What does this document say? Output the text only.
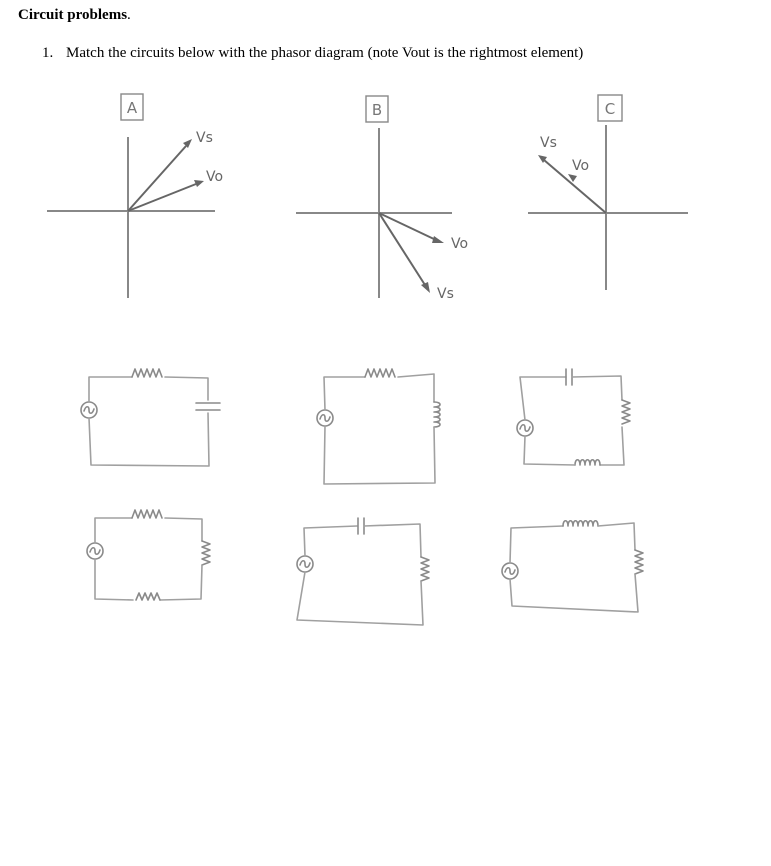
Circuit problems.
1. Match the circuits below with the phasor diagram (note Vout is the rightmost element)
A
Vs
Vo
B
Vo
Vs
C
Vs
Vo
